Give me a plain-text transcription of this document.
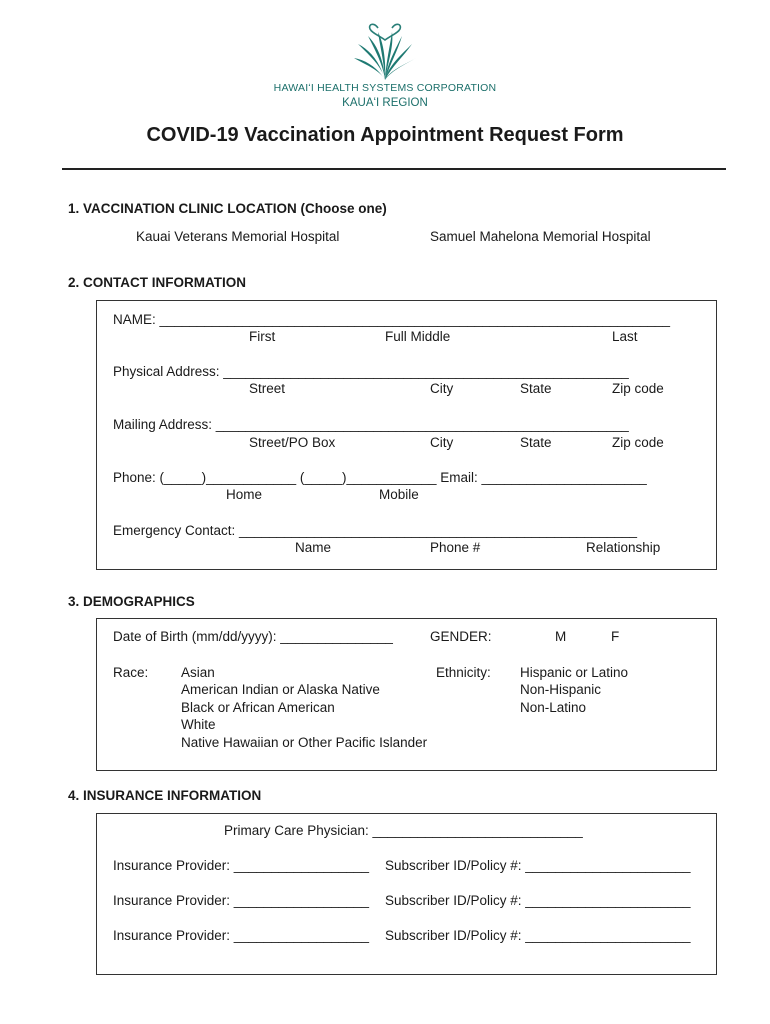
HAWAIʻI HEALTH SYSTEMS CORPORATION
KAUAʻI REGION
COVID-19 Vaccination Appointment Request Form
1. VACCINATION CLINIC LOCATION (Choose one)
Kauai Veterans Memorial Hospital	Samuel Mahelona Memorial Hospital
2. CONTACT INFORMATION
NAME: ____________________________________________________________________
First	Full Middle	Last
Physical Address: ______________________________________________________
Street	City	State	Zip code
Mailing Address: _______________________________________________________
Street/PO Box	City	State	Zip code
Phone: (_____)____________ (_____)____________ Email: ______________________
Home	Mobile
Emergency Contact: _____________________________________________________
Name	Phone #	Relationship
3. DEMOGRAPHICS
Date of Birth (mm/dd/yyyy): _______________	GENDER:	M	F
Race: Asian
American Indian or Alaska Native
Black or African American
White
Native Hawaiian or Other Pacific Islander
Ethnicity: Hispanic or Latino
Non-Hispanic
Non-Latino
4. INSURANCE INFORMATION
Primary Care Physician: ____________________________
Insurance Provider: __________________ Subscriber ID/Policy #: ______________________
Insurance Provider: __________________ Subscriber ID/Policy #: ______________________
Insurance Provider: __________________ Subscriber ID/Policy #: ______________________
